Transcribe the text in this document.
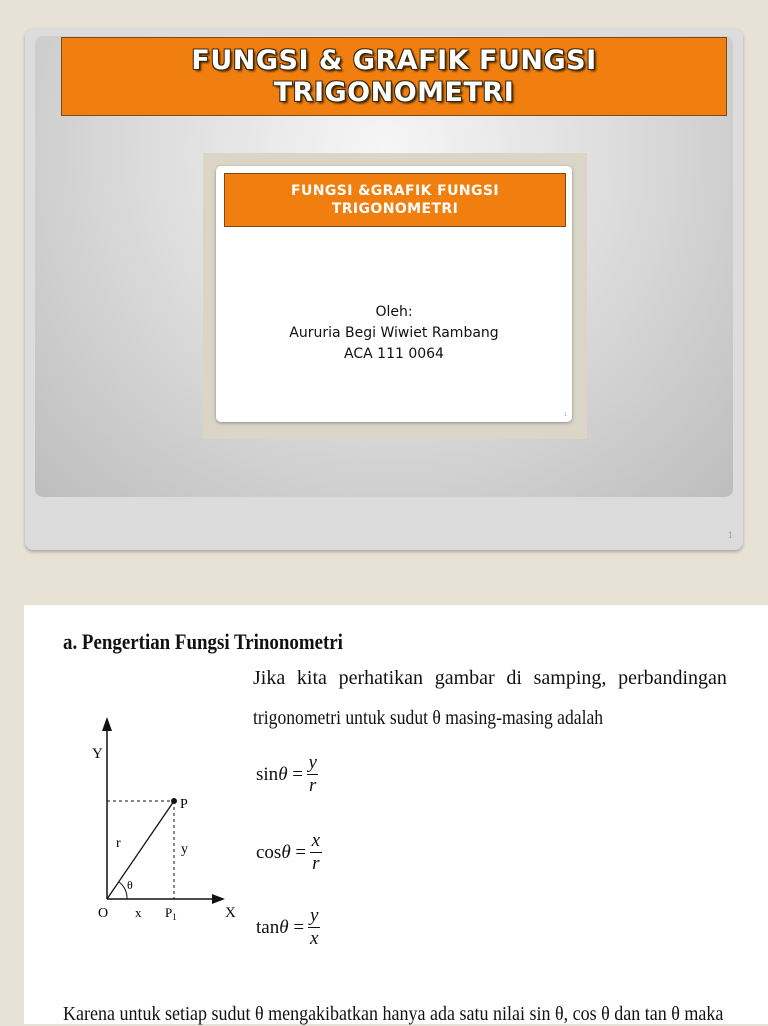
FUNGSI & GRAFIK FUNGSI
TRIGONOMETRI
FUNGSI &GRAFIK FUNGSI
TRIGONOMETRI
Oleh:
Aururia Begi Wiwiet Rambang
ACA 111 0064
1
1
a. Pengertian Fungsi Trinonometri
Jika kita perhatikan gambar di samping, perbandingan
trigonometri untuk sudut θ masing-masing adalah
Y
X
O
P
$P_1$
r	y
x
θ
sin θ
= $\frac{y}{r}$
cos θ
= $\frac{x}{r}$
tan θ
= $\frac{y}{x}$
Karena untuk setiap sudut θ mengakibatkan hanya ada satu nilai sin θ, cos θ dan tan θ maka
